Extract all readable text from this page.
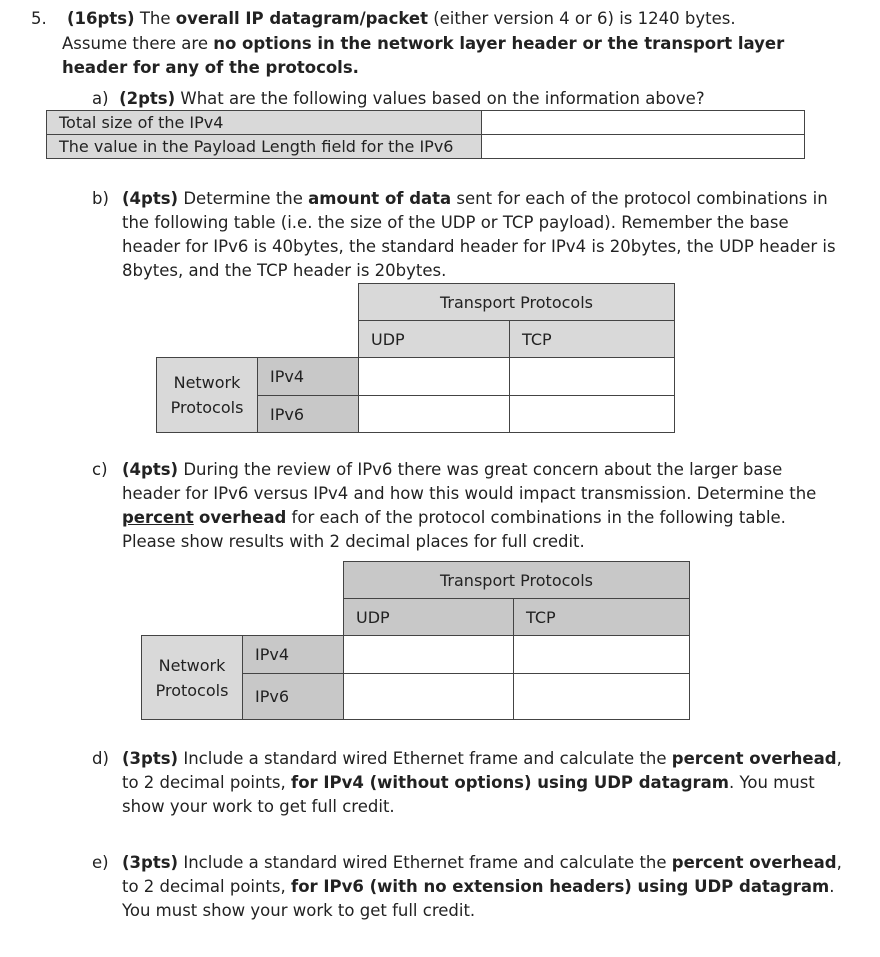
5. (16pts) The overall IP datagram/packet (either version 4 or 6) is 1240 bytes.
Assume there are no options in the network layer header or the transport layer header for any of the protocols.
a) (2pts) What are the following values based on the information above?
Total size of the IPv4	
The value in the Payload Length field for the IPv6	
b) (4pts) Determine the amount of data sent for each of the protocol combinations in the following table (i.e. the size of the UDP or TCP payload). Remember the base header for IPv6 is 40bytes, the standard header for IPv4 is 20bytes, the UDP header is 8bytes, and the TCP header is 20bytes.
Transport Protocols	
UDP	TCP

Network
Protocols	IPv4
IPv6
c) (4pts) During the review of IPv6 there was great concern about the larger base header for IPv6 versus IPv4 and how this would impact transmission. Determine the percent overhead for each of the protocol combinations in the following table. Please show results with 2 decimal places for full credit.
Transport Protocols	
UDP	TCP

Network
Protocols	IPv4
IPv6
d) (3pts) Include a standard wired Ethernet frame and calculate the percent overhead, to 2 decimal points, for IPv4 (without options) using UDP datagram. You must show your work to get full credit.
e) (3pts) Include a standard wired Ethernet frame and calculate the percent overhead, to 2 decimal points, for IPv6 (with no extension headers) using UDP datagram. You must show your work to get full credit.
